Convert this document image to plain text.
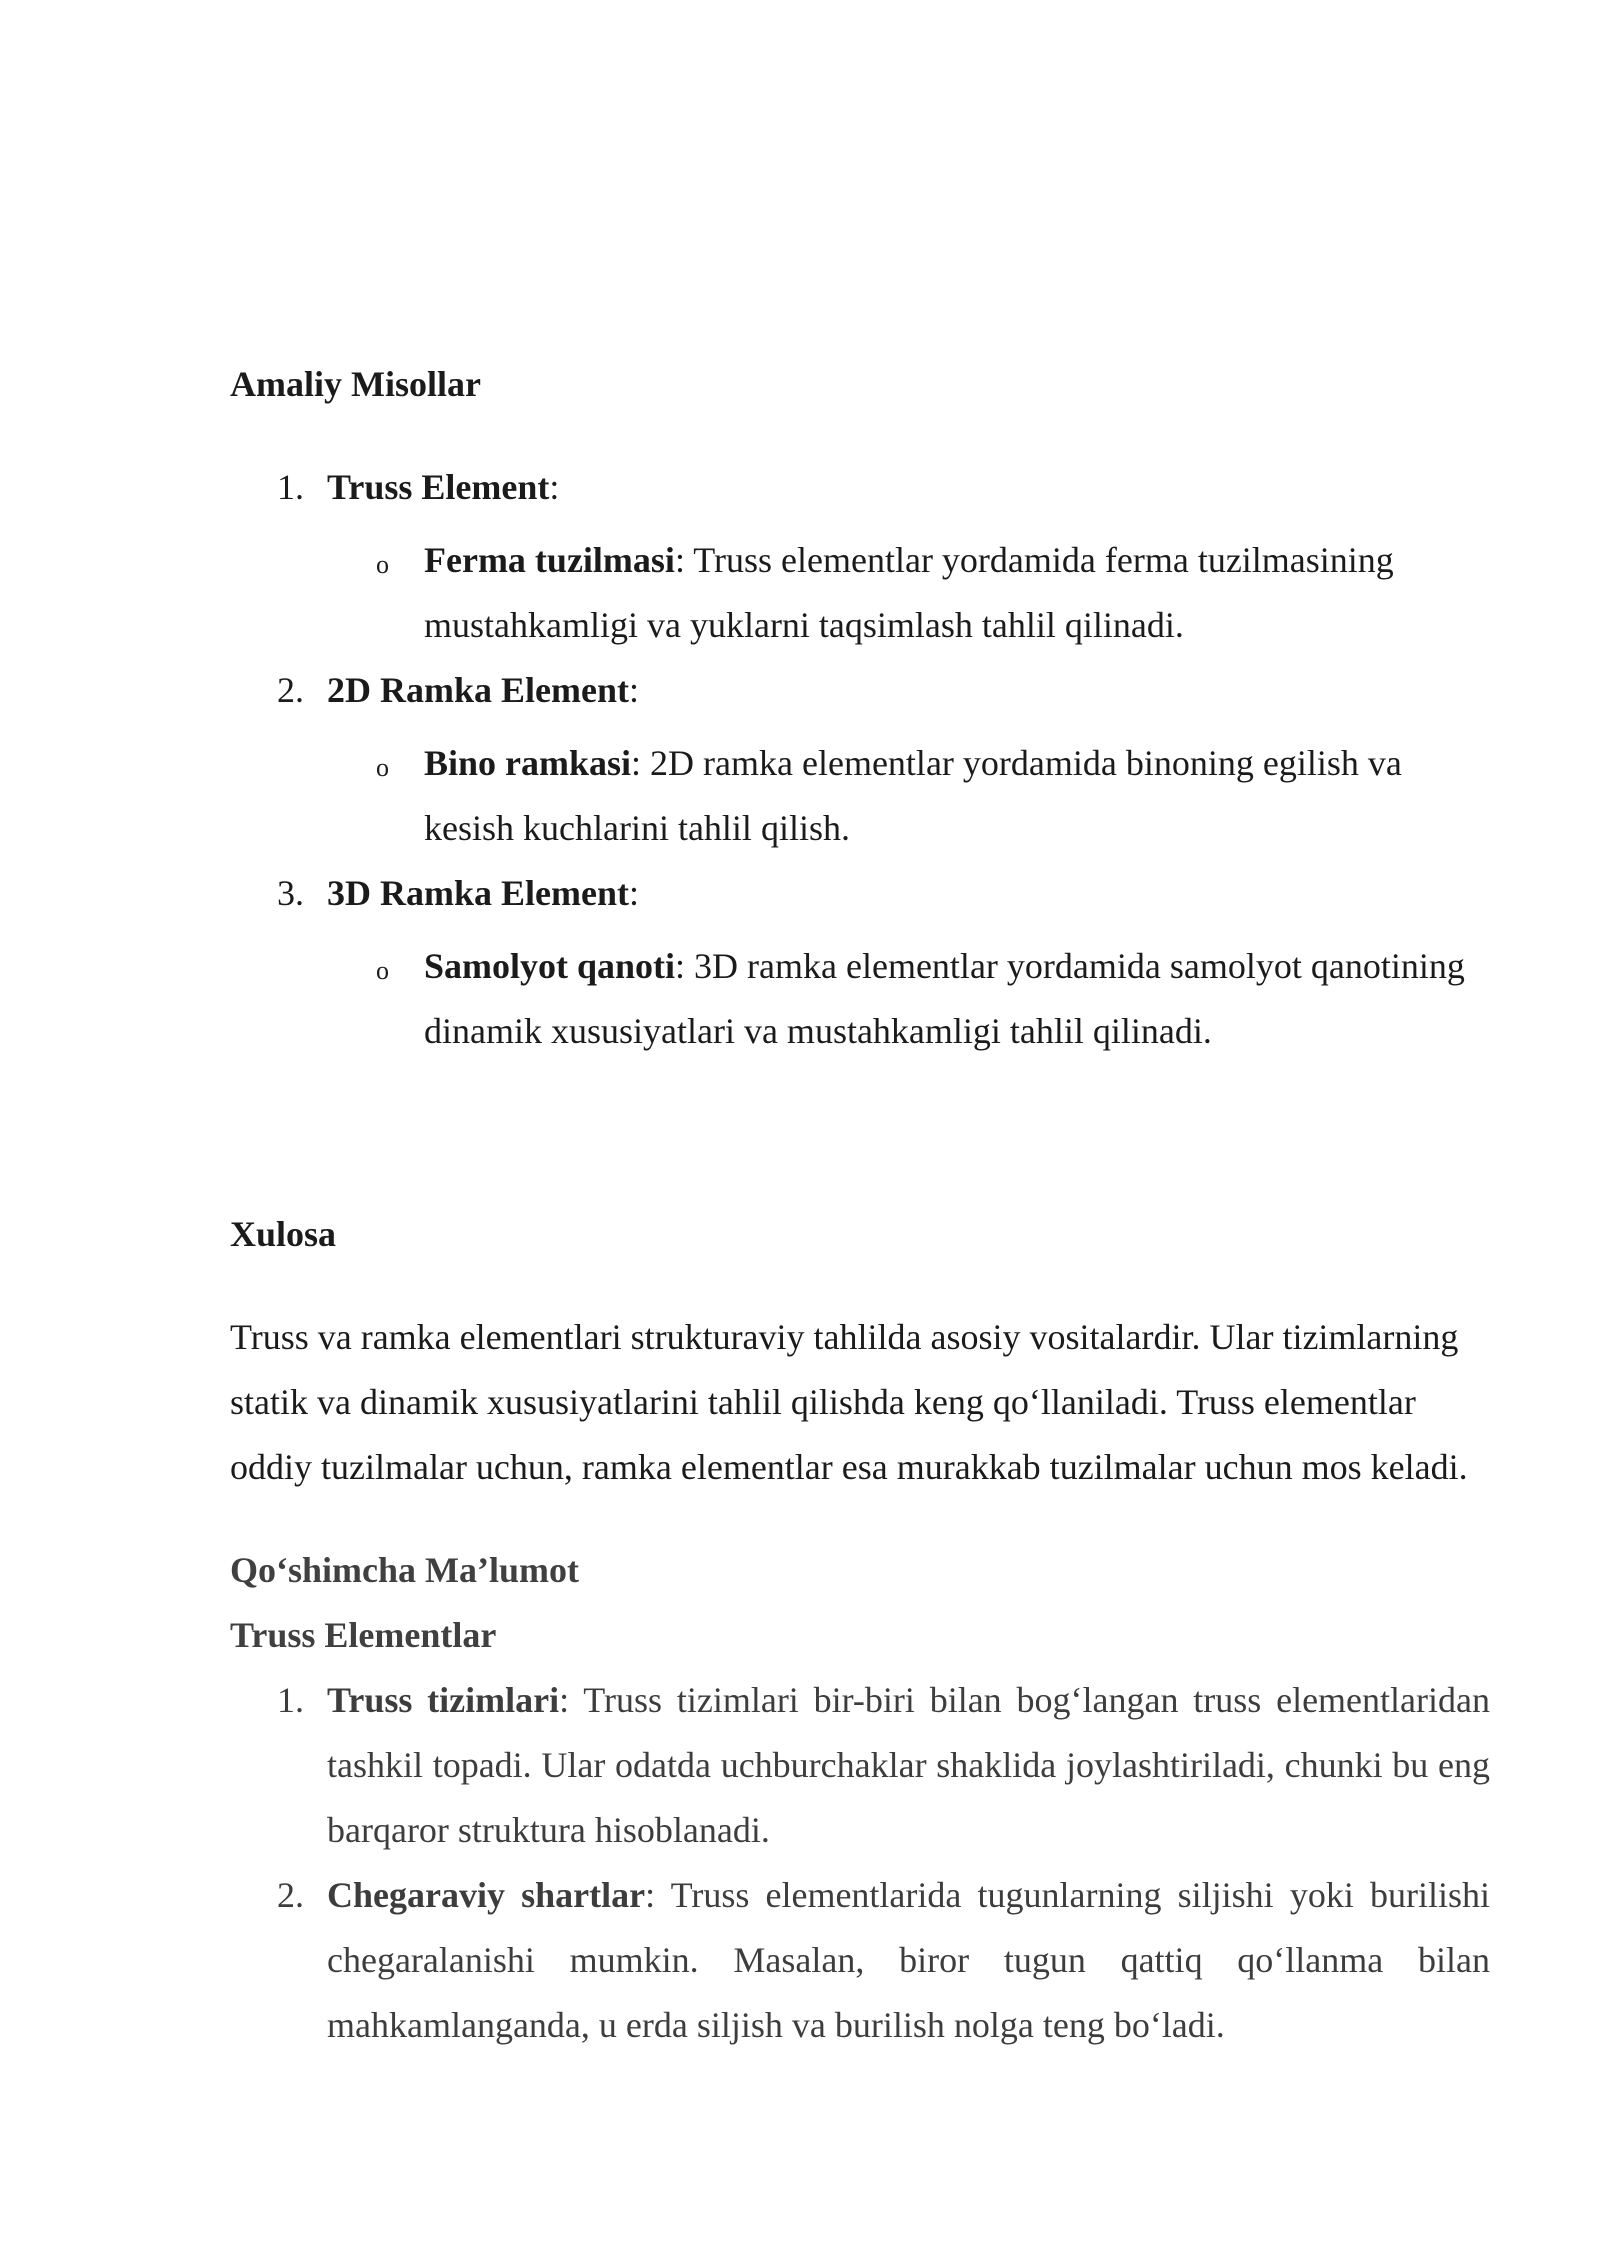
Amaliy Misollar

1. Truss Element:
o Ferma tuzilmasi: Truss elementlar yordamida ferma tuzilmasining mustahkamligi va yuklarni taqsimlash tahlil qilinadi.
2. 2D Ramka Element:
o Bino ramkasi: 2D ramka elementlar yordamida binoning egilish va kesish kuchlarini tahlil qilish.
3. 3D Ramka Element:
o Samolyot qanoti: 3D ramka elementlar yordamida samolyot qanotining dinamik xususiyatlari va mustahkamligi tahlil qilinadi.

Xulosa

Truss va ramka elementlari strukturaviy tahlilda asosiy vositalardir. Ular tizimlarning statik va dinamik xususiyatlarini tahlil qilishda keng qo‘llaniladi. Truss elementlar oddiy tuzilmalar uchun, ramka elementlar esa murakkab tuzilmalar uchun mos keladi.

Qo‘shimcha Ma’lumot

Truss Elementlar

1. Truss tizimlari: Truss tizimlari bir-biri bilan bog‘langan truss elementlaridan tashkil topadi. Ular odatda uchburchaklar shaklida joylashtiriladi, chunki bu eng barqaror struktura hisoblanadi.
2. Chegaraviy shartlar: Truss elementlarida tugunlarning siljishi yoki burilishi chegaralanishi mumkin. Masalan, biror tugun qattiq qo‘llanma bilan mahkamlanganda, u erda siljish va burilish nolga teng bo‘ladi.
